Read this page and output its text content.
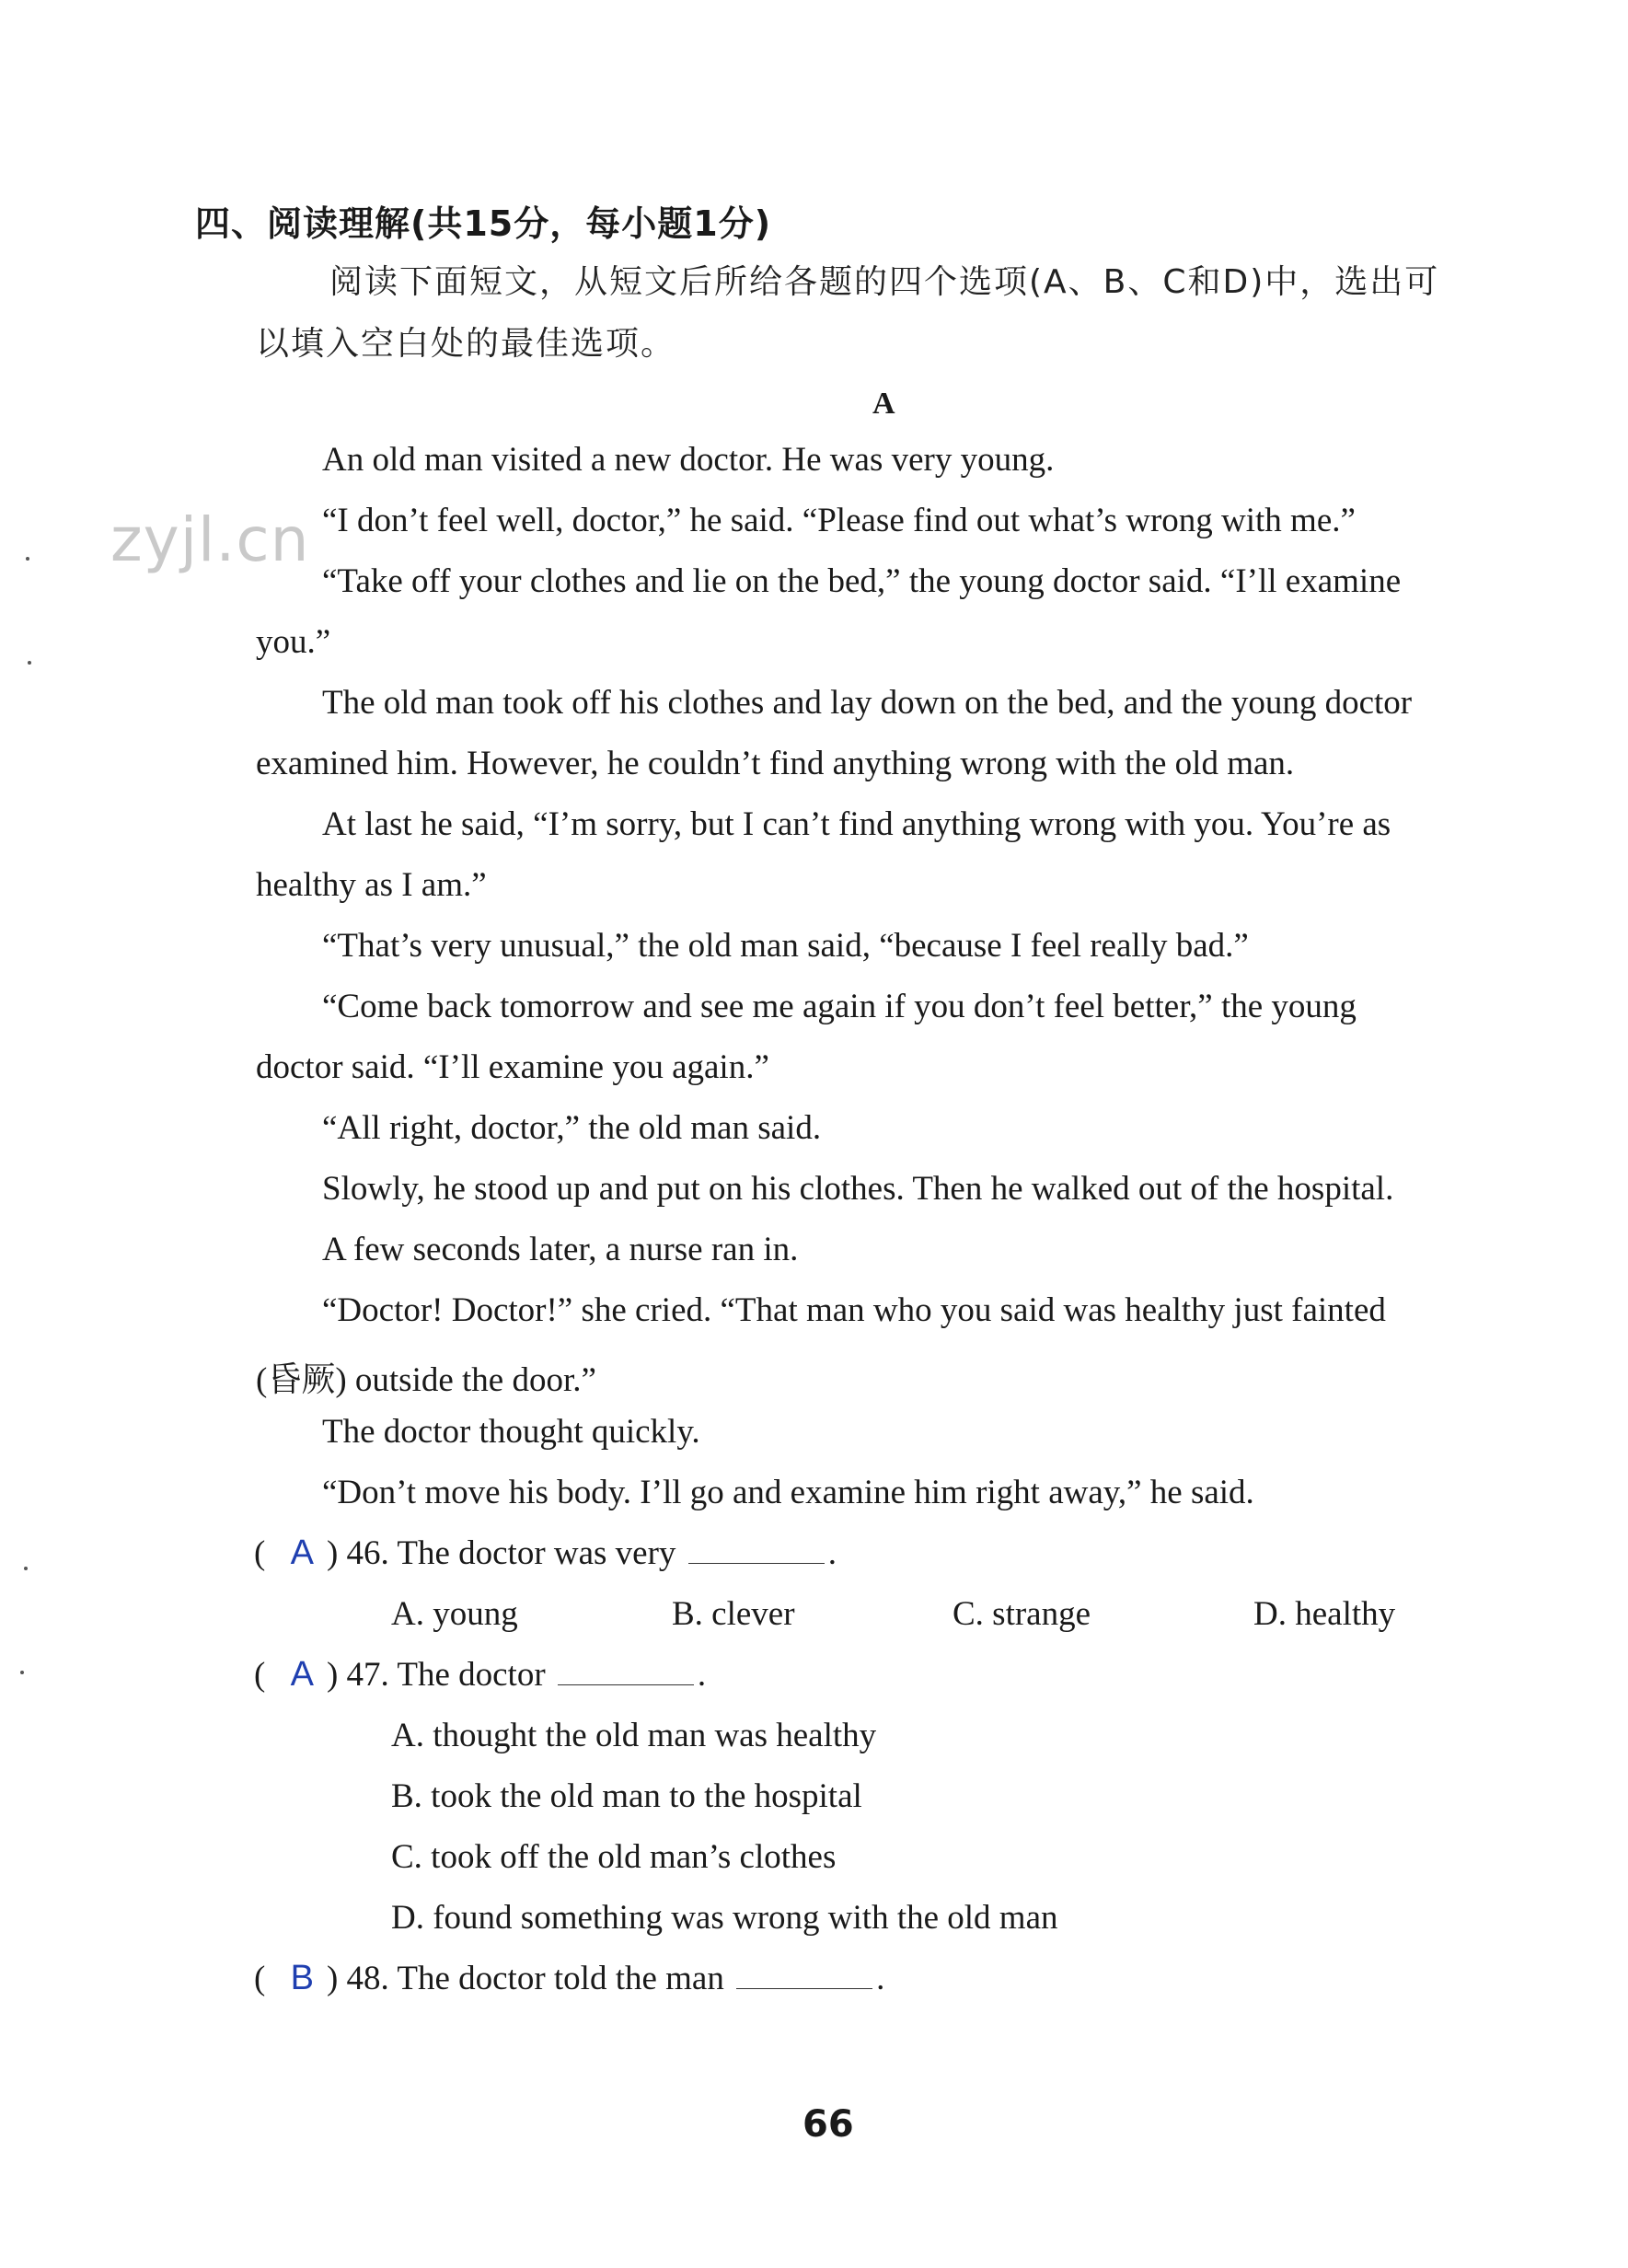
四、阅读理解(共15分，每小题1分)
阅读下面短文，从短文后所给各题的四个选项(A、B、C和D)中，选出可
以填入空白处的最佳选项。
A
zyjl.cn
An old man visited a new doctor. He was very young.
“I don’t feel well, doctor,” he said. “Please find out what’s wrong with me.”
“Take off your clothes and lie on the bed,” the young doctor said. “I’ll examine
you.”
The old man took off his clothes and lay down on the bed, and the young doctor
examined him. However, he couldn’t find anything wrong with the old man.
At last he said, “I’m sorry, but I can’t find anything wrong with you. You’re as
healthy as I am.”
“That’s very unusual,” the old man said, “because I feel really bad.”
“Come back tomorrow and see me again if you don’t feel better,” the young
doctor said. “I’ll examine you again.”
“All right, doctor,” the old man said.
Slowly, he stood up and put on his clothes. Then he walked out of the hospital.
A few seconds later, a nurse ran in.
“Doctor! Doctor!” she cried. “That man who you said was healthy just fainted
(昏厥) outside the door.”
The doctor thought quickly.
“Don’t move his body. I’ll go and examine him right away,” he said.
( A ) 46. The doctor was very	.
A. young	B. clever	C. strange	D. healthy
( A ) 47. The doctor	.
A. thought the old man was healthy
B. took the old man to the hospital
C. took off the old man’s clothes
D. found something was wrong with the old man
( B ) 48. The doctor told the man	.
66
